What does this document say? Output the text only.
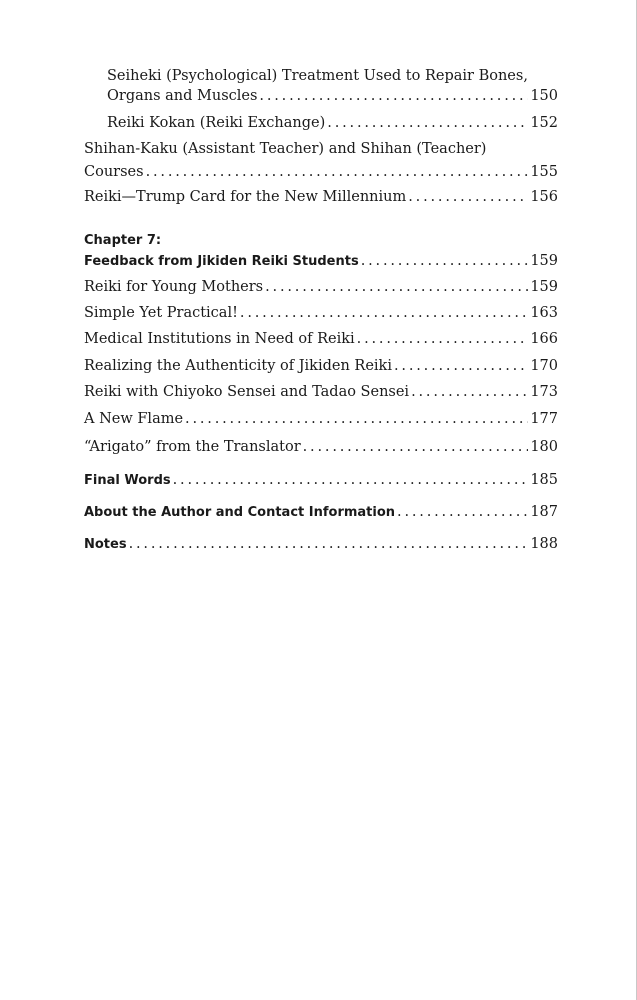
Seiheki (Psychological) Treatment Used to Repair Bones,
Organs and Muscles . . .	150
Reiki Kokan (Reiki Exchange) . . .	152
Shihan-Kaku (Assistant Teacher) and Shihan (Teacher)
Courses . . .	155
Reiki—Trump Card for the New Millennium . . .	156
Chapter 7:
Feedback from Jikiden Reiki Students . . .	159
Reiki for Young Mothers . . .	159
Simple Yet Practical! . . .	163
Medical Institutions in Need of Reiki . . .	166
Realizing the Authenticity of Jikiden Reiki . . .	170
Reiki with Chiyoko Sensei and Tadao Sensei . . .	173
A New Flame . . .	177
“Arigato” from the Translator . . .	180
Final Words . . .	185
About the Author and Contact Information . . .	187
Notes . . .	188
